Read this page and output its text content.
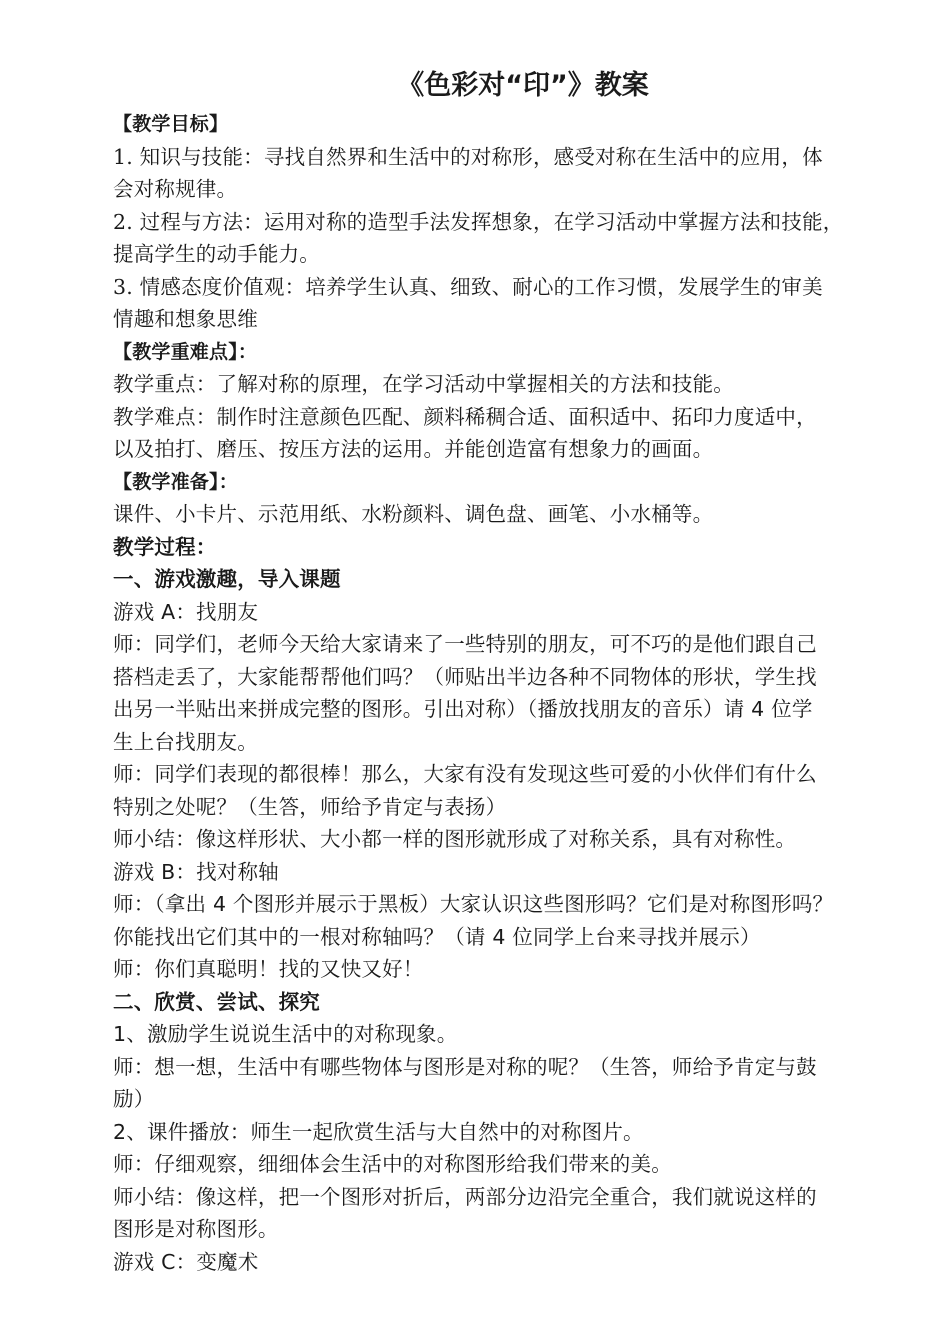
《色彩对“印”》教案
【教学目标】
1. 知识与技能：寻找自然界和生活中的对称形，感受对称在生活中的应用，体
会对称规律。
2. 过程与方法：运用对称的造型手法发挥想象，在学习活动中掌握方法和技能，
提高学生的动手能力。
3. 情感态度价值观：培养学生认真、细致、耐心的工作习惯，发展学生的审美
情趣和想象思维
【教学重难点】：
教学重点：了解对称的原理，在学习活动中掌握相关的方法和技能。
教学难点：制作时注意颜色匹配、颜料稀稠合适、面积适中、拓印力度适中，
以及拍打、磨压、按压方法的运用。并能创造富有想象力的画面。
【教学准备】：
课件、小卡片、示范用纸、水粉颜料、调色盘、画笔、小水桶等。
教学过程：
一、游戏激趣，导入课题
游戏 A：找朋友
师：同学们，老师今天给大家请来了一些特别的朋友，可不巧的是他们跟自己
搭档走丢了，大家能帮帮他们吗？（师贴出半边各种不同物体的形状，学生找
出另一半贴出来拼成完整的图形。引出对称）（播放找朋友的音乐）请 4 位学
生上台找朋友。
师：同学们表现的都很棒！那么，大家有没有发现这些可爱的小伙伴们有什么
特别之处呢？（生答，师给予肯定与表扬）
师小结：像这样形状、大小都一样的图形就形成了对称关系，具有对称性。
游戏 B：找对称轴
师：（拿出 4 个图形并展示于黑板）大家认识这些图形吗？它们是对称图形吗？
你能找出它们其中的一根对称轴吗？（请 4 位同学上台来寻找并展示）
师：你们真聪明！找的又快又好！
二、欣赏、尝试、探究
1、激励学生说说生活中的对称现象。
师：想一想，生活中有哪些物体与图形是对称的呢？（生答，师给予肯定与鼓
励）
2、课件播放：师生一起欣赏生活与大自然中的对称图片。
师：仔细观察，细细体会生活中的对称图形给我们带来的美。
师小结：像这样，把一个图形对折后，两部分边沿完全重合，我们就说这样的
图形是对称图形。
游戏 C：变魔术
